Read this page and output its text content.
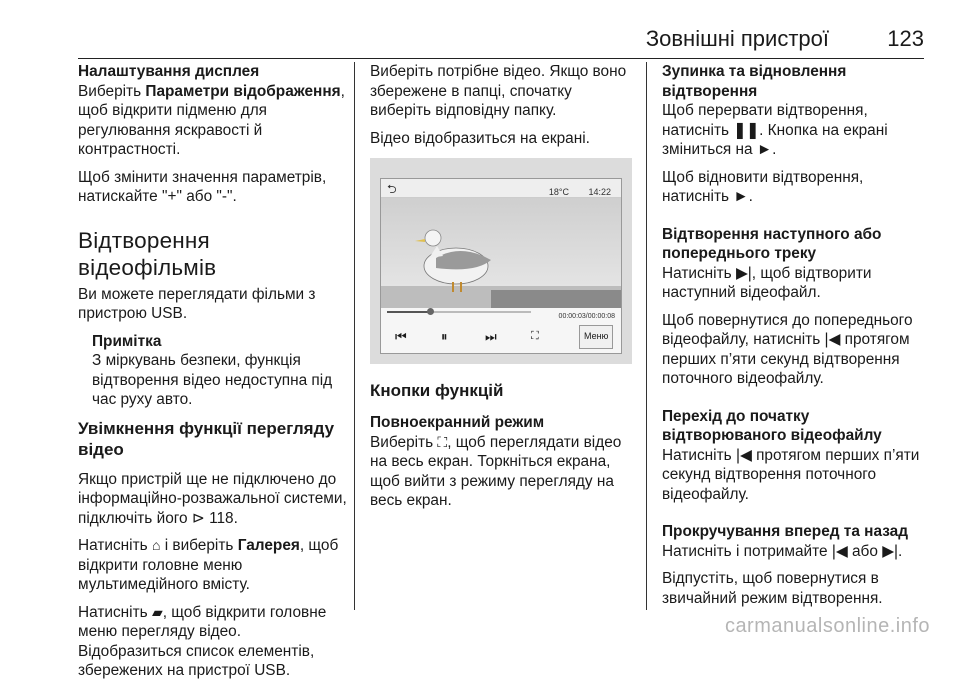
Зовнішні пристрої	123

Налаштування дисплея

Виберіть Параметри відображення, щоб відкрити підменю для регулювання яскравості й контрастності.

Щоб змінити значення параметрів, натискайте "+" або "-".

Відтворення відеофільмів

Ви можете переглядати фільми з пристрою USB.

Примітка

З міркувань безпеки, функція відтворення відео недоступна під час руху авто.

Увімкнення функції перегляду відео

Якщо пристрій ще не підключено до інформаційно-розважальної системи, підключіть його ⊳ 118.

Натисніть ⌂ і виберіть Галерея, щоб відкрити головне меню мультимедійного вмісту.

Натисніть ▰, щоб відкрити головне меню перегляду відео.

Відобразиться список елементів, збережених на пристрої USB.

Виберіть потрібне відео. Якщо воно збережене в папці, спочатку виберіть відповідну папку.

Відео відобразиться на екрані.

⮌	18°C 14:22
00:00:03/00:00:08
⏮	⏸	⏭	⛶	Меню
Кнопки функцій

Повноекранний режим

Виберіть ⛶, щоб переглядати відео на весь екран. Торкніться екрана, щоб вийти з режиму перегляду на весь екран.

Зупинка та відновлення відтворення

Щоб перервати відтворення, натисніть ❚❚. Кнопка на екрані зміниться на ►.

Щоб відновити відтворення, натисніть ►.

Відтворення наступного або попереднього треку

Натисніть ▶|, щоб відтворити наступний відеофайл.

Щоб повернутися до попереднього відеофайлу, натисніть |◀ протягом перших п’яти секунд відтворення поточного відеофайлу.

Перехід до початку відтворюваного відеофайлу

Натисніть |◀ протягом перших п’яти секунд відтворення поточного відеофайлу.

Прокручування вперед та назад

Натисніть і потримайте |◀ або ▶|.

Відпустіть, щоб повернутися в звичайний режим відтворення.

carmanualsonline.info
